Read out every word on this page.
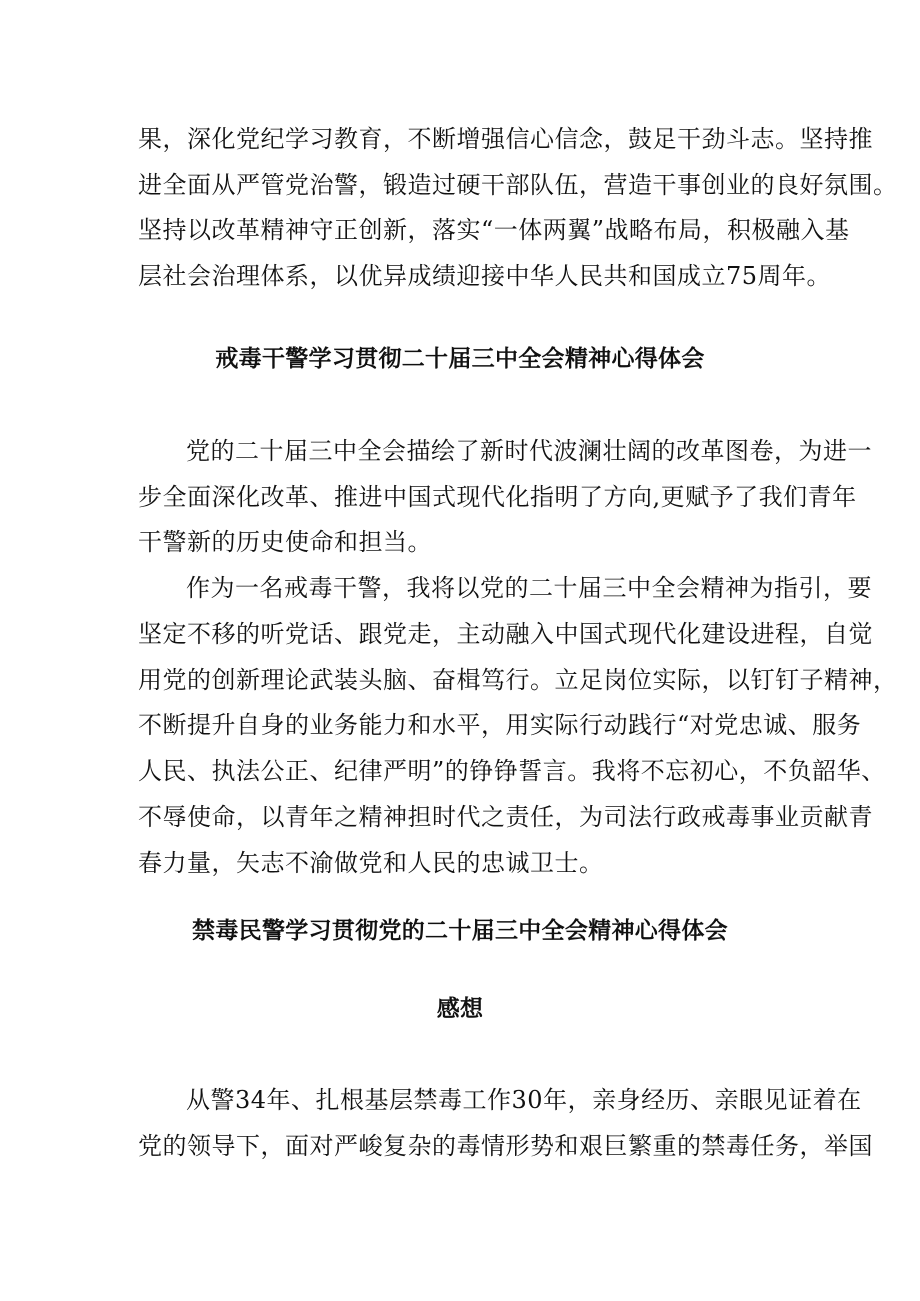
果，深化党纪学习教育，不断增强信心信念，鼓足干劲斗志。坚持推
进全面从严管党治警，锻造过硬干部队伍，营造干事创业的良好氛围。
坚持以改革精神守正创新，落实“一体两翼”战略布局，积极融入基
层社会治理体系，以优异成绩迎接中华人民共和国成立75周年。
戒毒干警学习贯彻二十届三中全会精神心得体会
党的二十届三中全会描绘了新时代波澜壮阔的改革图卷，为进一
步全面深化改革、推进中国式现代化指明了方向,更赋予了我们青年
干警新的历史使命和担当。
作为一名戒毒干警，我将以党的二十届三中全会精神为指引，要
坚定不移的听党话、跟党走，主动融入中国式现代化建设进程，自觉
用党的创新理论武装头脑、奋楫笃行。立足岗位实际，以钉钉子精神，
不断提升自身的业务能力和水平，用实际行动践行“对党忠诚、服务
人民、执法公正、纪律严明”的铮铮誓言。我将不忘初心，不负韶华、
不辱使命，以青年之精神担时代之责任，为司法行政戒毒事业贡献青
春力量，矢志不渝做党和人民的忠诚卫士。
禁毒民警学习贯彻党的二十届三中全会精神心得体会
感想
从警34年、扎根基层禁毒工作30年，亲身经历、亲眼见证着在
党的领导下，面对严峻复杂的毒情形势和艰巨繁重的禁毒任务，举国
